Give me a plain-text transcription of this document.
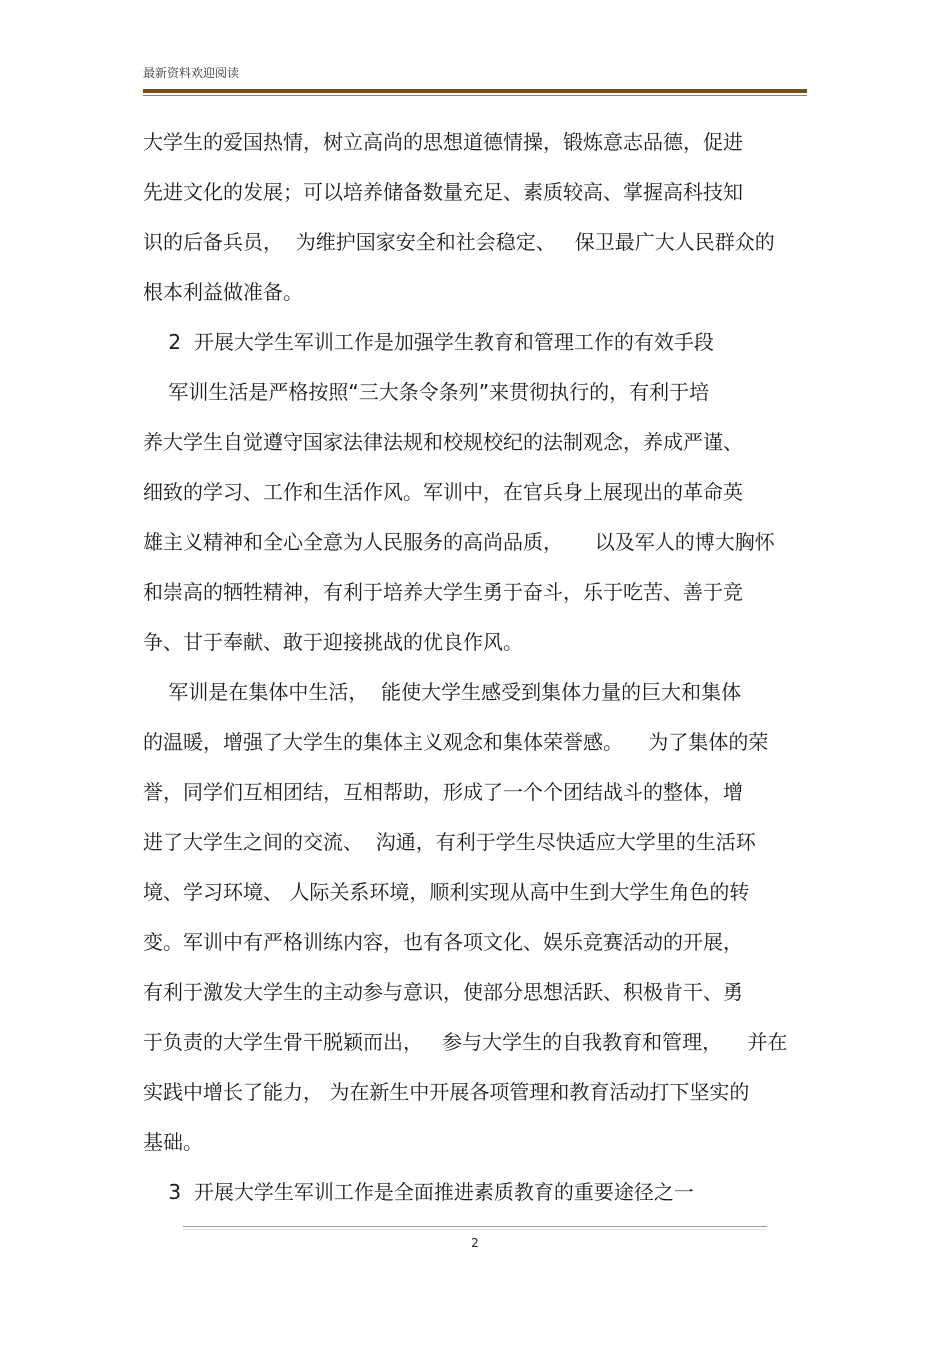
最新资料欢迎阅读
大学生的爱国热情，树立高尚的思想道德情操，锻炼意志品德，促进
先进文化的发展；可以培养储备数量充足、素质较高、掌握高科技知
识的后备兵员，  为维护国家安全和社会稳定、   保卫最广大人民群众的
根本利益做准备。
2  开展大学生军训工作是加强学生教育和管理工作的有效手段
军训生活是严格按照“三大条令条列”来贯彻执行的，有利于培
养大学生自觉遵守国家法律法规和校规校纪的法制观念，养成严谨、
细致的学习、工作和生活作风。军训中，在官兵身上展现出的革命英
雄主义精神和全心全意为人民服务的高尚品质，     以及军人的博大胸怀
和崇高的牺牲精神，有利于培养大学生勇于奋斗，乐于吃苦、善于竞
争、甘于奉献、敢于迎接挑战的优良作风。
军训是在集体中生活，  能使大学生感受到集体力量的巨大和集体
的温暖，增强了大学生的集体主义观念和集体荣誉感。    为了集体的荣
誉，同学们互相团结，互相帮助，形成了一个个团结战斗的整体，增
进了大学生之间的交流、  沟通，有利于学生尽快适应大学里的生活环
境、学习环境、 人际关系环境，顺利实现从高中生到大学生角色的转
变。军训中有严格训练内容，也有各项文化、娱乐竞赛活动的开展，
有利于激发大学生的主动参与意识，使部分思想活跃、积极肯干、勇
于负责的大学生骨干脱颖而出，   参与大学生的自我教育和管理，    并在
实践中增长了能力， 为在新生中开展各项管理和教育活动打下坚实的
基础。
3  开展大学生军训工作是全面推进素质教育的重要途径之一
2
